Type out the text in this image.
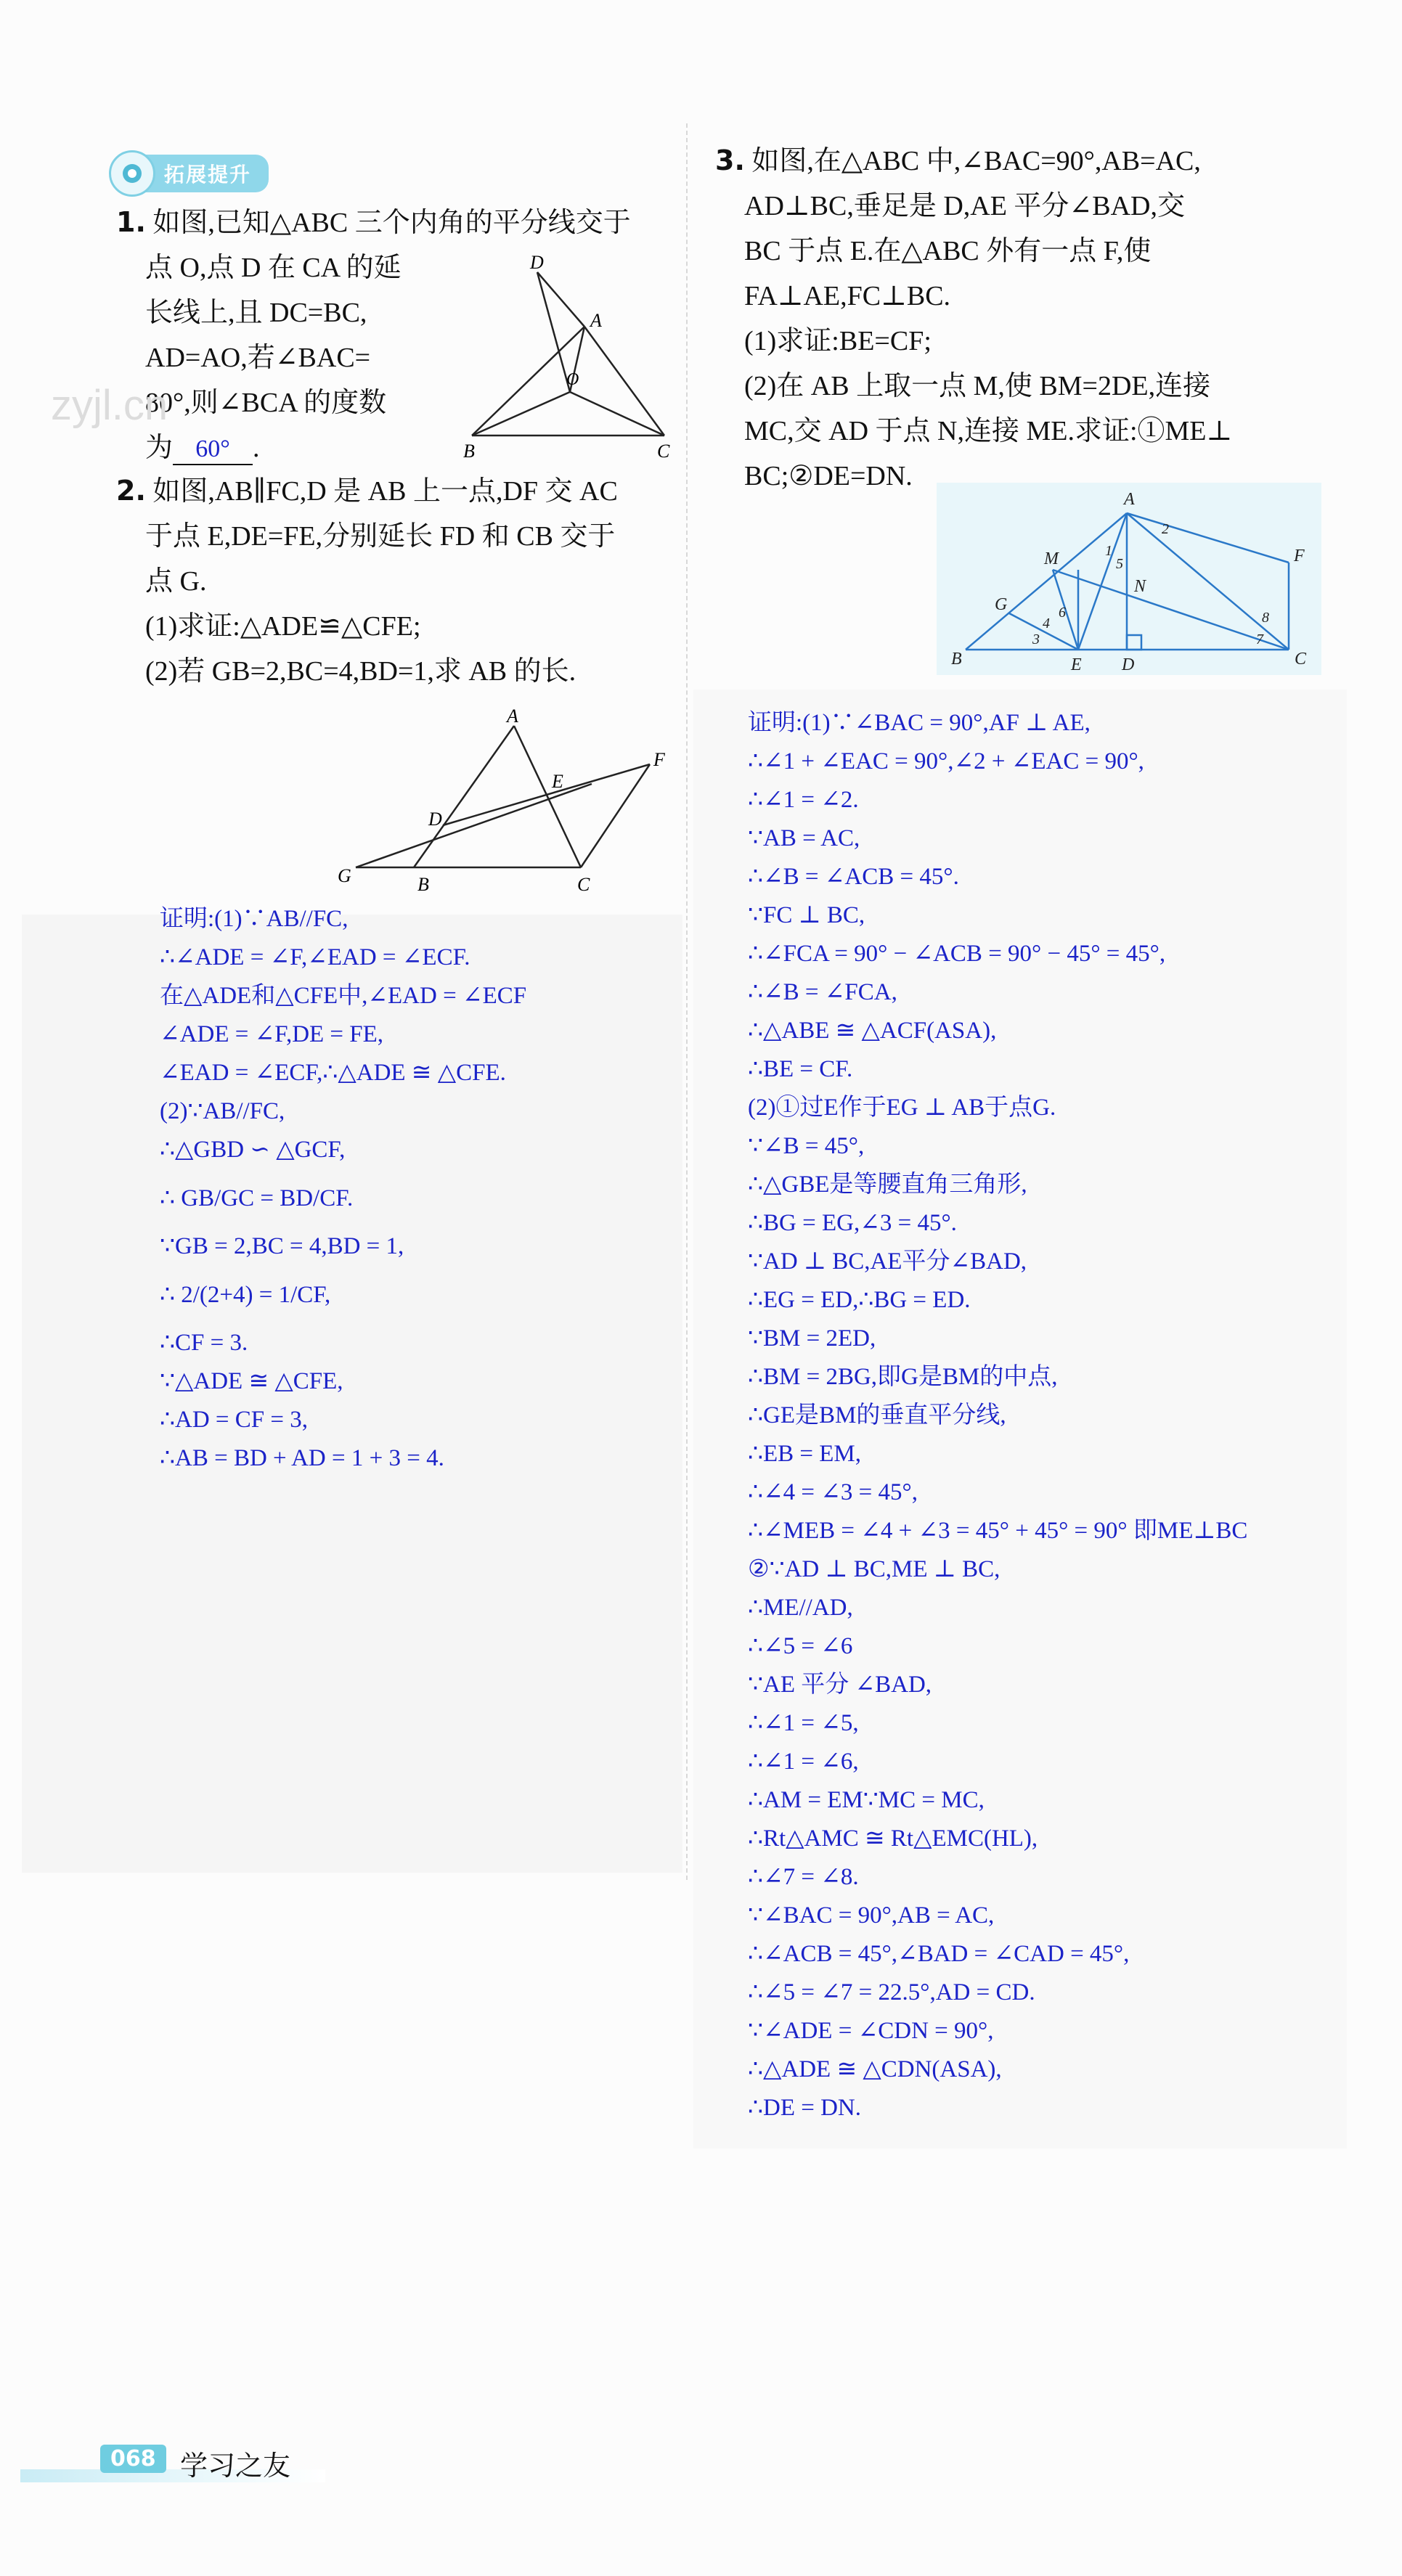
拓展提升
1. 如图,已知△ABC 三个内角的平分线交于
点 O,点 D 在 CA 的延
长线上,且 DC=BC,
AD=AO,若∠BAC=
80°,则∠BCA 的度数
为 60° .
zyjl.cn
D
A
O
B	C
2. 如图,AB∥FC,D 是 AB 上一点,DF 交 AC
于点 E,DE=FE,分别延长 FD 和 CB 交于
点 G.
(1)求证:△ADE≌△CFE;
(2)若 GB=2,BC=4,BD=1,求 AB 的长.
A
E
F
D
G	B	C
证明:(1)∵AB//FC,
∴∠ADE = ∠F,∠EAD = ∠ECF.
在△ADE和△CFE中,∠EAD = ∠ECF
∠ADE = ∠F,DE = FE,
∠EAD = ∠ECF,∴△ADE ≅ △CFE.
(2)∵AB//FC,
∴△GBD ∽ △GCF,
∴ GB/GC = BD/CF.
∵GB = 2,BC = 4,BD = 1,
∴ 2/(2+4) = 1/CF,
∴CF = 3.
∵△ADE ≅ △CFE,
∴AD = CF = 3,
∴AB = BD + AD = 1 + 3 = 4.
3. 如图,在△ABC 中,∠BAC=90°,AB=AC,
AD⊥BC,垂足是 D,AE 平分∠BAD,交
BC 于点 E.在△ABC 外有一点 F,使
FA⊥AE,FC⊥BC.
(1)求证:BE=CF;
(2)在 AB 上取一点 M,使 BM=2DE,连接
MC,交 AD 于点 N,连接 ME.求证:①ME⊥
BC;②DE=DN.
A
M	1
5
2
N
F
G	6
4
3
8
7
B	E D	C
证明:(1)∵∠BAC = 90°,AF ⊥ AE,
∴∠1 + ∠EAC = 90°,∠2 + ∠EAC = 90°,
∴∠1 = ∠2.
∵AB = AC,
∴∠B = ∠ACB = 45°.
∵FC ⊥ BC,
∴∠FCA = 90° − ∠ACB = 90° − 45° = 45°,
∴∠B = ∠FCA,
∴△ABE ≅ △ACF(ASA),
∴BE = CF.
(2)①过E作于EG ⊥ AB于点G.
∵∠B = 45°,
∴△GBE是等腰直角三角形,
∴BG = EG,∠3 = 45°.
∵AD ⊥ BC,AE平分∠BAD,
∴EG = ED,∴BG = ED.
∵BM = 2ED,
∴BM = 2BG,即G是BM的中点,
∴GE是BM的垂直平分线,
∴EB = EM,
∴∠4 = ∠3 = 45°,
∴∠MEB = ∠4 + ∠3 = 45° + 45° = 90° 即ME⊥BC
②∵AD ⊥ BC,ME ⊥ BC,
∴ME//AD,
∴∠5 = ∠6
∵AE 平分 ∠BAD,
∴∠1 = ∠5,
∴∠1 = ∠6,
∴AM = EM∵MC = MC,
∴Rt△AMC ≅ Rt△EMC(HL),
∴∠7 = ∠8.
∵∠BAC = 90°,AB = AC,
∴∠ACB = 45°,∠BAD = ∠CAD = 45°,
∴∠5 = ∠7 = 22.5°,AD = CD.
∵∠ADE = ∠CDN = 90°,
∴△ADE ≅ △CDN(ASA),
∴DE = DN.
068 学习之友
